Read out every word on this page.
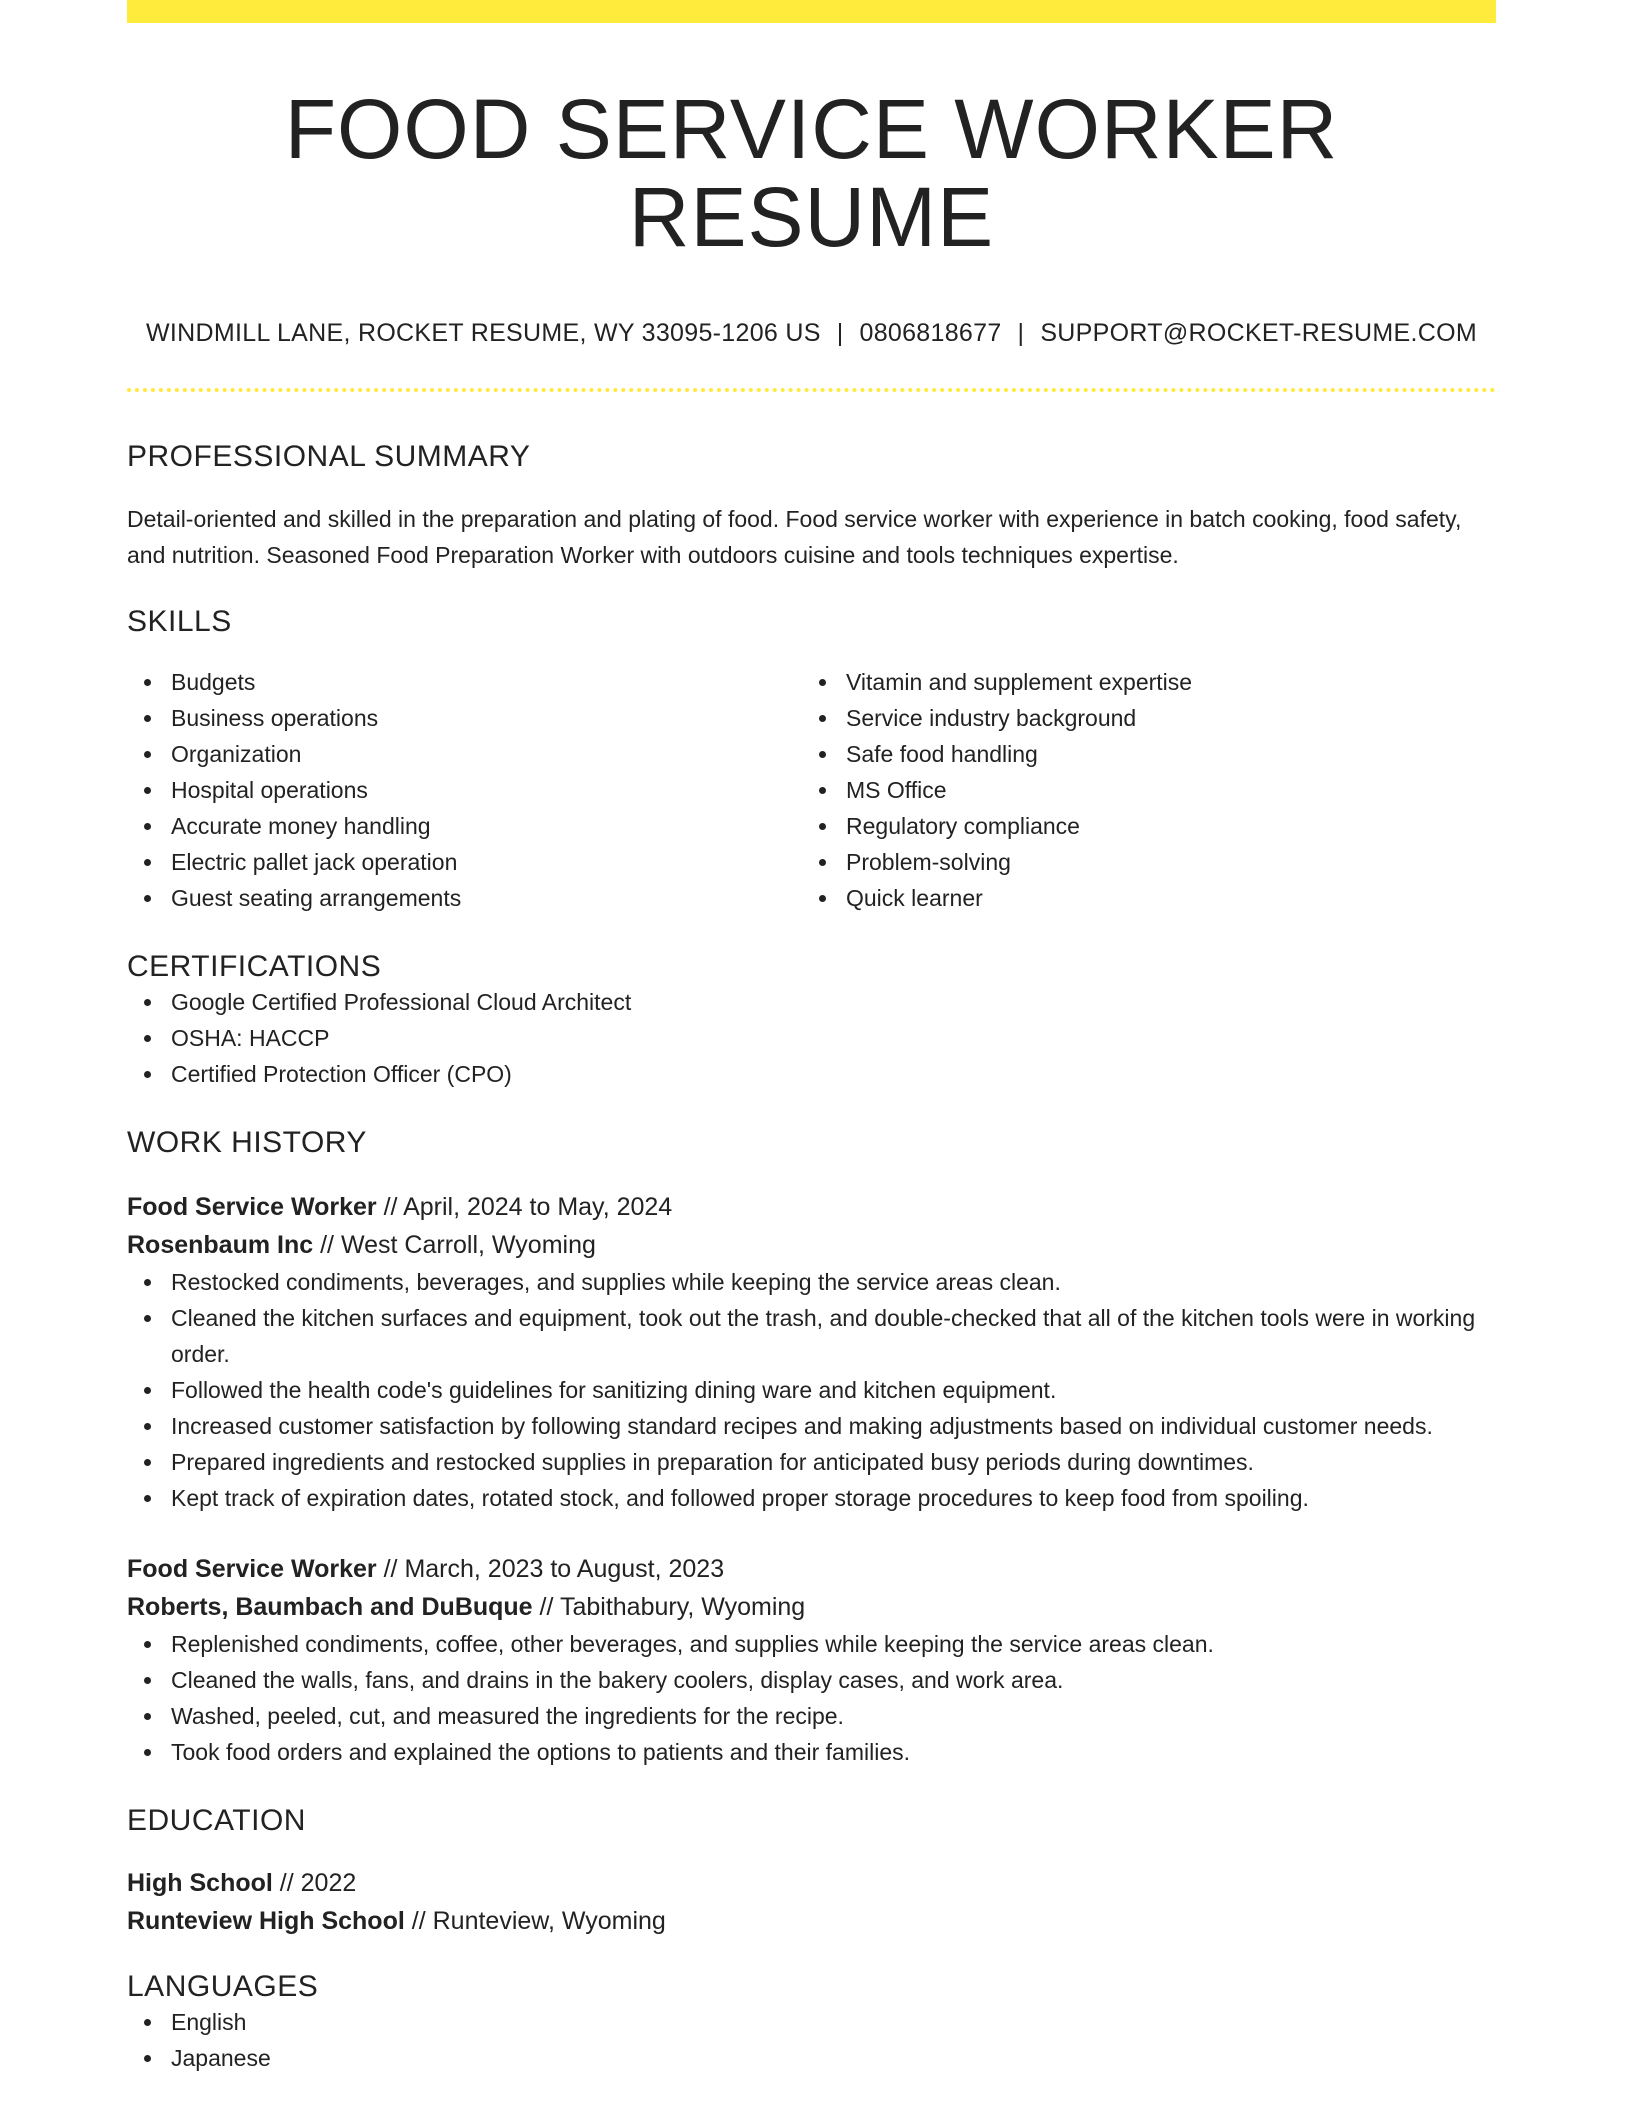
FOOD SERVICE WORKER RESUME
WINDMILL LANE, ROCKET RESUME, WY 33095-1206 US | 0806818677 | SUPPORT@ROCKET-RESUME.COM
PROFESSIONAL SUMMARY
Detail-oriented and skilled in the preparation and plating of food. Food service worker with experience in batch cooking, food safety, and nutrition. Seasoned Food Preparation Worker with outdoors cuisine and tools techniques expertise.
SKILLS
Budgets
Business operations
Organization
Hospital operations
Accurate money handling
Electric pallet jack operation
Guest seating arrangements
Vitamin and supplement expertise
Service industry background
Safe food handling
MS Office
Regulatory compliance
Problem-solving
Quick learner
CERTIFICATIONS
Google Certified Professional Cloud Architect
OSHA: HACCP
Certified Protection Officer (CPO)
WORK HISTORY
Food Service Worker // April, 2024 to May, 2024
Rosenbaum Inc // West Carroll, Wyoming
Restocked condiments, beverages, and supplies while keeping the service areas clean.
Cleaned the kitchen surfaces and equipment, took out the trash, and double-checked that all of the kitchen tools were in working order.
Followed the health code's guidelines for sanitizing dining ware and kitchen equipment.
Increased customer satisfaction by following standard recipes and making adjustments based on individual customer needs.
Prepared ingredients and restocked supplies in preparation for anticipated busy periods during downtimes.
Kept track of expiration dates, rotated stock, and followed proper storage procedures to keep food from spoiling.
Food Service Worker // March, 2023 to August, 2023
Roberts, Baumbach and DuBuque // Tabithabury, Wyoming
Replenished condiments, coffee, other beverages, and supplies while keeping the service areas clean.
Cleaned the walls, fans, and drains in the bakery coolers, display cases, and work area.
Washed, peeled, cut, and measured the ingredients for the recipe.
Took food orders and explained the options to patients and their families.
EDUCATION
High School // 2022
Runteview High School // Runteview, Wyoming
LANGUAGES
English
Japanese
